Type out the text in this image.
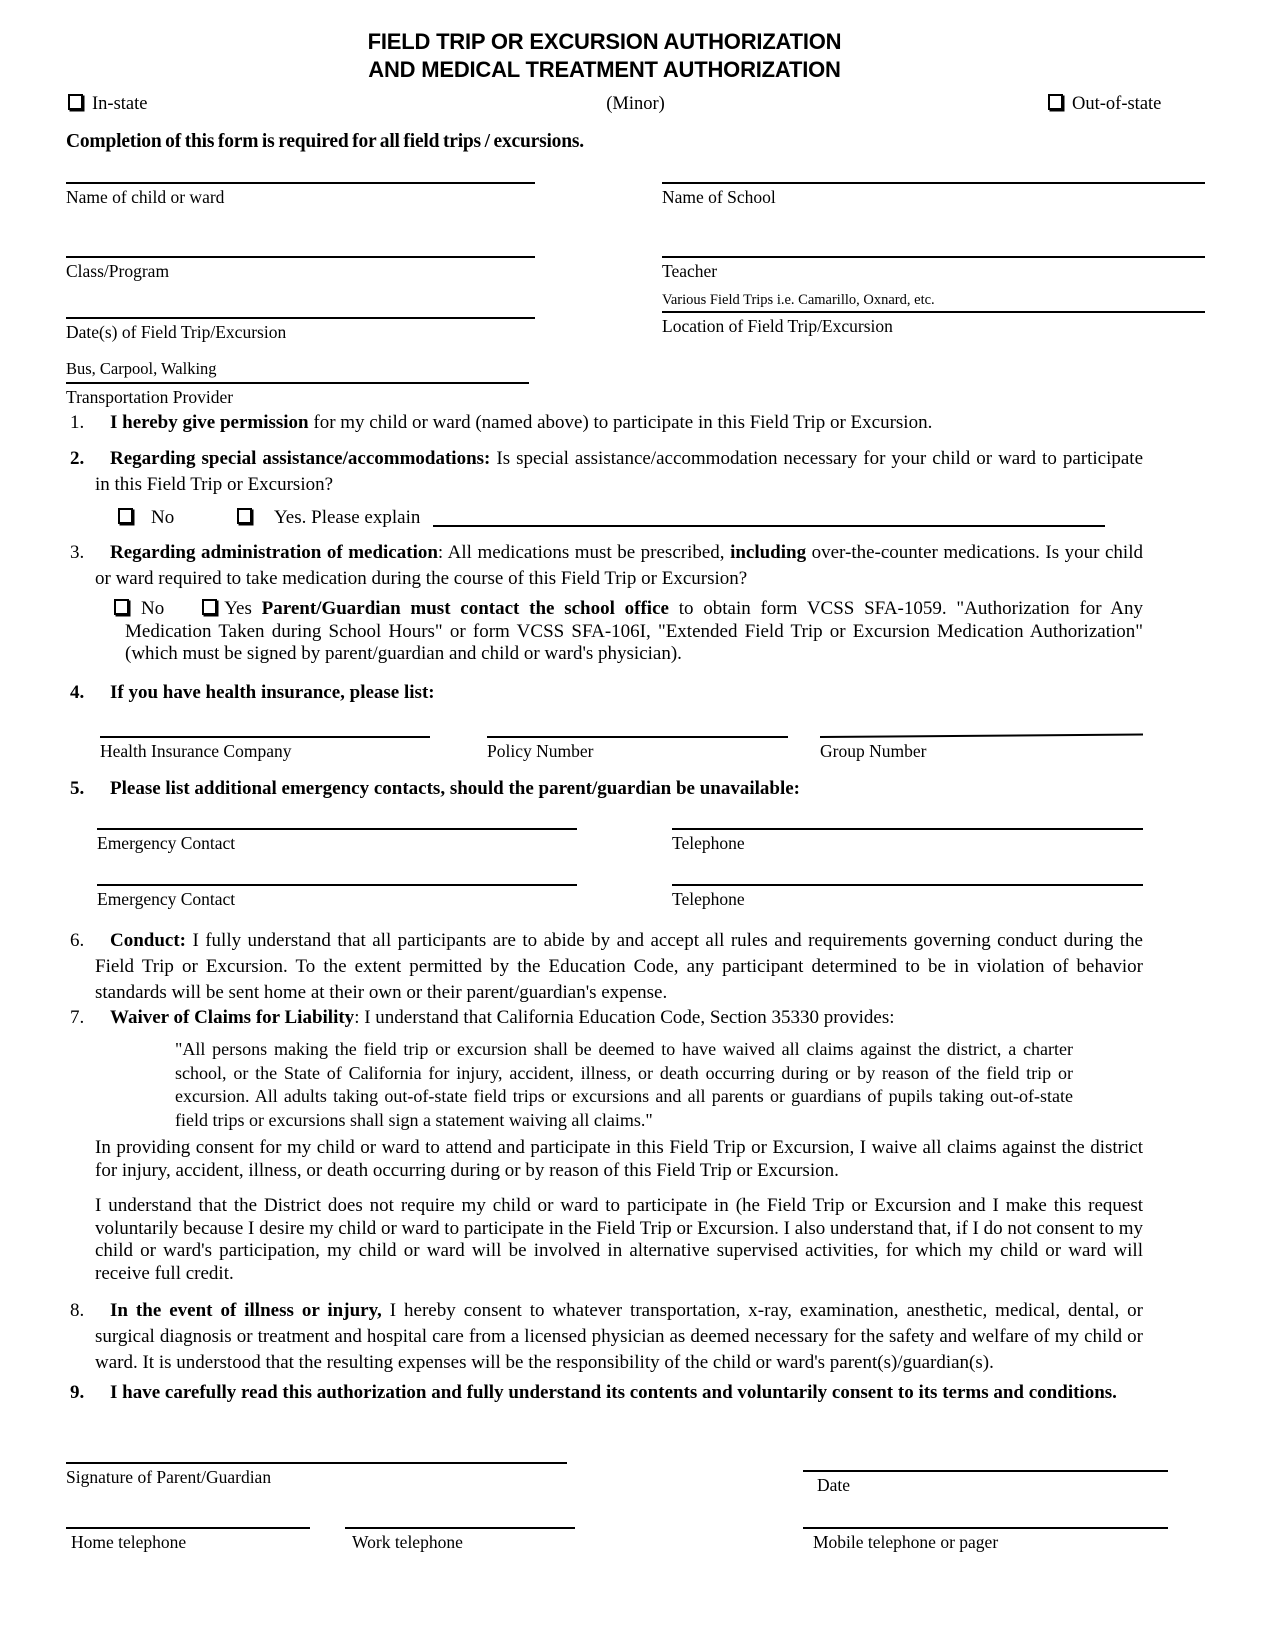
FIELD TRIP OR EXCURSION AUTHORIZATION
AND MEDICAL TREATMENT AUTHORIZATION
In-state	(Minor)	Out-of-state
Completion of this form is required for all field trips / excursions.
Name of child or ward	Name of School
Class/Program	Teacher
Date(s) of Field Trip/Excursion
Various Field Trips i.e. Camarillo, Oxnard, etc.
Location of Field Trip/Excursion
Bus, Carpool, Walking
Transportation Provider
1.	I hereby give permission for my child or ward (named above) to participate in this Field Trip or Excursion.
2.	Regarding special assistance/accommodations: Is special assistance/accommodation necessary for your child or ward to participate in this Field Trip or Excursion?
No	Yes. Please explain
3.	Regarding administration of medication: All medications must be prescribed, including over-the-counter medications. Is your child or ward required to take medication during the course of this Field Trip or Excursion?
No	Yes Parent/Guardian must contact the school office to obtain form VCSS SFA-1059. "Authorization for Any Medication Taken during School Hours" or form VCSS SFA-106I, "Extended Field Trip or Excursion Medication Authorization" (which must be signed by parent/guardian and child or ward's physician).
4.	If you have health insurance, please list:
Health Insurance Company	Policy Number	Group Number
5.	Please list additional emergency contacts, should the parent/guardian be unavailable:
Emergency Contact	Telephone
Emergency Contact	Telephone
6.	Conduct: I fully understand that all participants are to abide by and accept all rules and requirements governing conduct during the Field Trip or Excursion. To the extent permitted by the Education Code, any participant determined to be in violation of behavior standards will be sent home at their own or their parent/guardian's expense.
7.	Waiver of Claims for Liability: I understand that California Education Code, Section 35330 provides:
"All persons making the field trip or excursion shall be deemed to have waived all claims against the district, a charter school, or the State of California for injury, accident, illness, or death occurring during or by reason of the field trip or excursion. All adults taking out-of-state field trips or excursions and all parents or guardians of pupils taking out-of-state field trips or excursions shall sign a statement waiving all claims."
In providing consent for my child or ward to attend and participate in this Field Trip or Excursion, I waive all claims against the district for injury, accident, illness, or death occurring during or by reason of this Field Trip or Excursion.
I understand that the District does not require my child or ward to participate in (he Field Trip or Excursion and I make this request voluntarily because I desire my child or ward to participate in the Field Trip or Excursion. I also understand that, if I do not consent to my child or ward's participation, my child or ward will be involved in alternative supervised activities, for which my child or ward will receive full credit.
8.	In the event of illness or injury, I hereby consent to whatever transportation, x-ray, examination, anesthetic, medical, dental, or surgical diagnosis or treatment and hospital care from a licensed physician as deemed necessary for the safety and welfare of my child or ward. It is understood that the resulting expenses will be the responsibility of the child or ward's parent(s)/guardian(s).
9.	I have carefully read this authorization and fully understand its contents and voluntarily consent to its terms and conditions.
Signature of Parent/Guardian	Date
Home telephone	Work telephone	Mobile telephone or pager
